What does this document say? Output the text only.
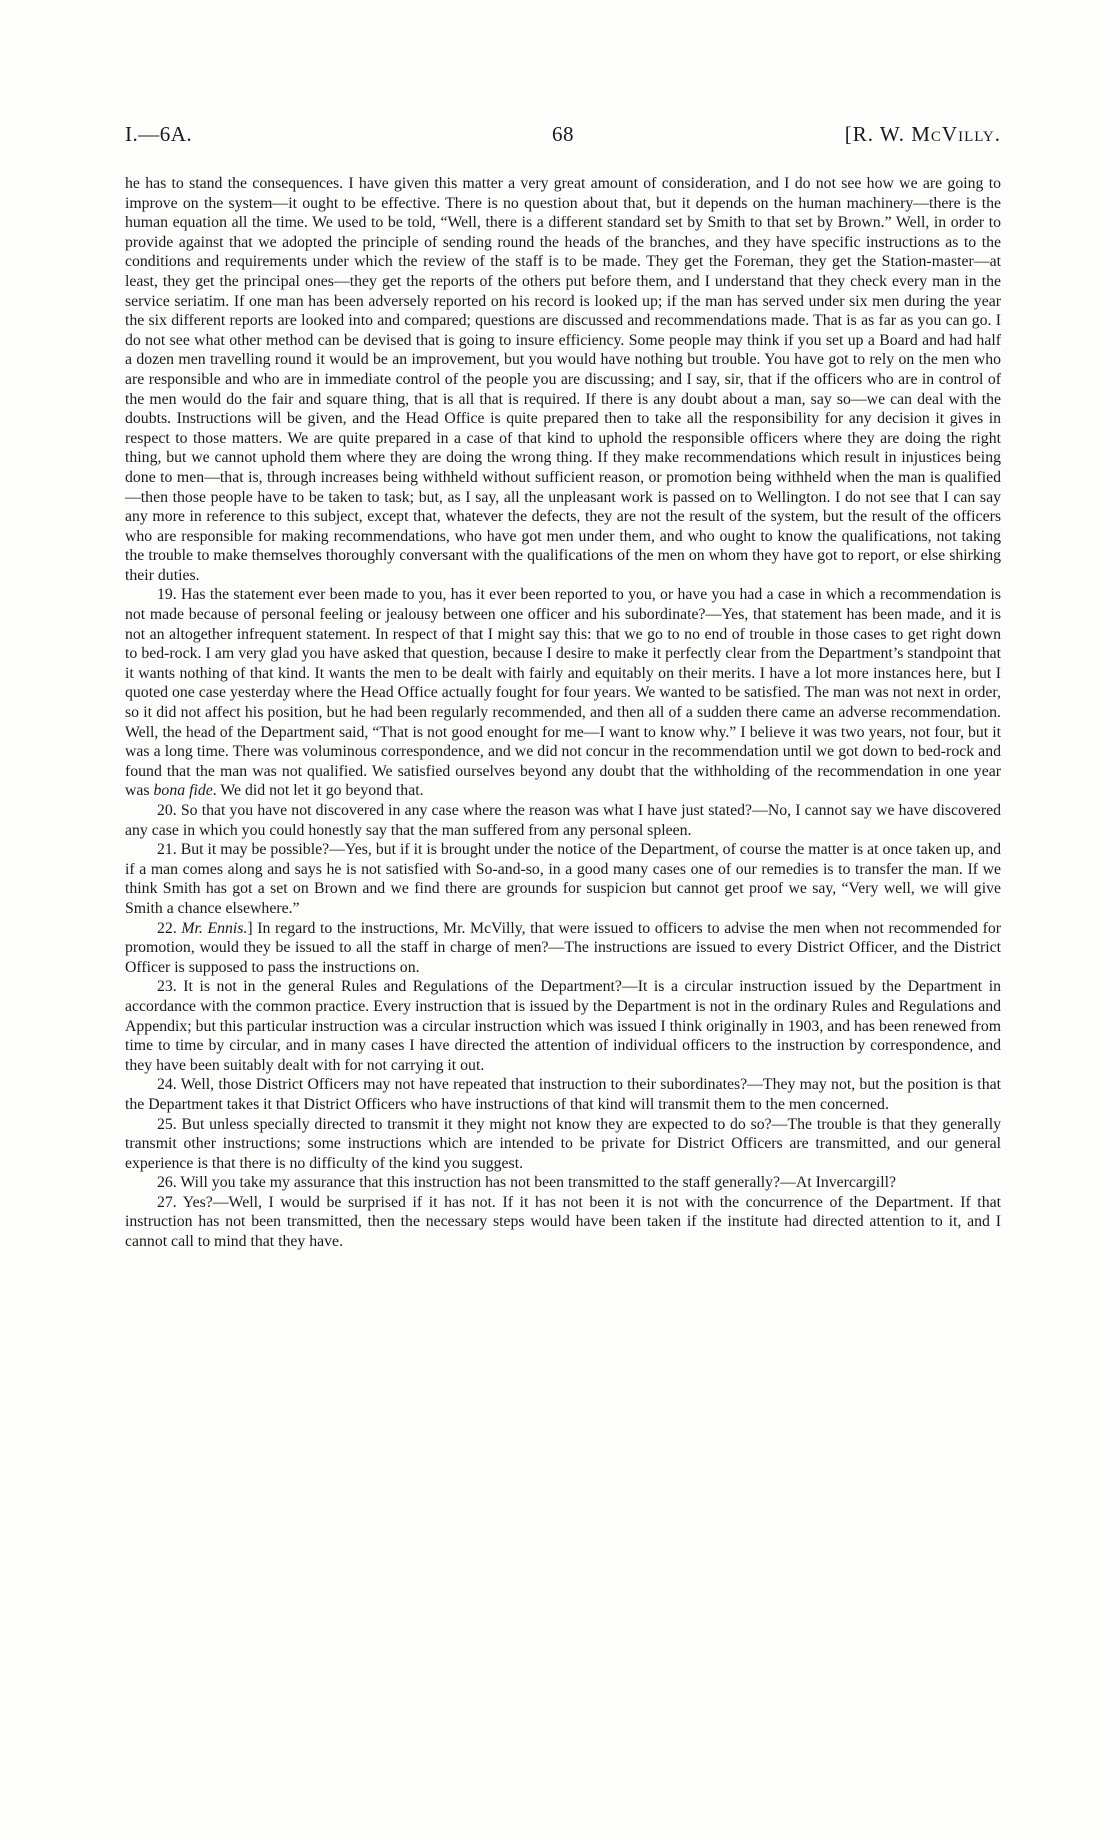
I.—6A.	68	[R. W. McVilly.

he has to stand the consequences. I have given this matter a very great amount of consideration, and I do not see how we are going to improve on the system—it ought to be effective. There is no question about that, but it depends on the human machinery—there is the human equation all the time. We used to be told, “Well, there is a different standard set by Smith to that set by Brown.” Well, in order to provide against that we adopted the principle of sending round the heads of the branches, and they have specific instructions as to the conditions and requirements under which the review of the staff is to be made. They get the Foreman, they get the Station-master—at least, they get the principal ones—they get the reports of the others put before them, and I understand that they check every man in the service seriatim. If one man has been adversely reported on his record is looked up; if the man has served under six men during the year the six different reports are looked into and compared; questions are discussed and recommendations made. That is as far as you can go. I do not see what other method can be devised that is going to insure efficiency. Some people may think if you set up a Board and had half a dozen men travelling round it would be an improvement, but you would have nothing but trouble. You have got to rely on the men who are responsible and who are in immediate control of the people you are discussing; and I say, sir, that if the officers who are in control of the men would do the fair and square thing, that is all that is required. If there is any doubt about a man, say so—we can deal with the doubts. Instructions will be given, and the Head Office is quite prepared then to take all the responsibility for any decision it gives in respect to those matters. We are quite prepared in a case of that kind to uphold the responsible officers where they are doing the right thing, but we cannot uphold them where they are doing the wrong thing. If they make recommendations which result in injustices being done to men—that is, through increases being withheld without sufficient reason, or promotion being withheld when the man is qualified—then those people have to be taken to task; but, as I say, all the unpleasant work is passed on to Wellington. I do not see that I can say any more in reference to this subject, except that, whatever the defects, they are not the result of the system, but the result of the officers who are responsible for making recommendations, who have got men under them, and who ought to know the qualifications, not taking the trouble to make themselves thoroughly conversant with the qualifications of the men on whom they have got to report, or else shirking their duties.

19. Has the statement ever been made to you, has it ever been reported to you, or have you had a case in which a recommendation is not made because of personal feeling or jealousy between one officer and his subordinate?—Yes, that statement has been made, and it is not an altogether infrequent statement. In respect of that I might say this: that we go to no end of trouble in those cases to get right down to bed-rock. I am very glad you have asked that question, because I desire to make it perfectly clear from the Department’s standpoint that it wants nothing of that kind. It wants the men to be dealt with fairly and equitably on their merits. I have a lot more instances here, but I quoted one case yesterday where the Head Office actually fought for four years. We wanted to be satisfied. The man was not next in order, so it did not affect his position, but he had been regularly recommended, and then all of a sudden there came an adverse recommendation. Well, the head of the Department said, “That is not good enought for me—I want to know why.” I believe it was two years, not four, but it was a long time. There was voluminous correspondence, and we did not concur in the recommendation until we got down to bed-rock and found that the man was not qualified. We satisfied ourselves beyond any doubt that the withholding of the recommendation in one year was bona fide. We did not let it go beyond that.

20. So that you have not discovered in any case where the reason was what I have just stated?—No, I cannot say we have discovered any case in which you could honestly say that the man suffered from any personal spleen.

21. But it may be possible?—Yes, but if it is brought under the notice of the Department, of course the matter is at once taken up, and if a man comes along and says he is not satisfied with So-and-so, in a good many cases one of our remedies is to transfer the man. If we think Smith has got a set on Brown and we find there are grounds for suspicion but cannot get proof we say, “Very well, we will give Smith a chance elsewhere.”

22. Mr. Ennis.] In regard to the instructions, Mr. McVilly, that were issued to officers to advise the men when not recommended for promotion, would they be issued to all the staff in charge of men?—The instructions are issued to every District Officer, and the District Officer is supposed to pass the instructions on.

23. It is not in the general Rules and Regulations of the Department?—It is a circular instruction issued by the Department in accordance with the common practice. Every instruction that is issued by the Department is not in the ordinary Rules and Regulations and Appendix; but this particular instruction was a circular instruction which was issued I think originally in 1903, and has been renewed from time to time by circular, and in many cases I have directed the attention of individual officers to the instruction by correspondence, and they have been suitably dealt with for not carrying it out.

24. Well, those District Officers may not have repeated that instruction to their subordinates?—They may not, but the position is that the Department takes it that District Officers who have instructions of that kind will transmit them to the men concerned.

25. But unless specially directed to transmit it they might not know they are expected to do so?—The trouble is that they generally transmit other instructions; some instructions which are intended to be private for District Officers are transmitted, and our general experience is that there is no difficulty of the kind you suggest.

26. Will you take my assurance that this instruction has not been transmitted to the staff generally?—At Invercargill?

27. Yes?—Well, I would be surprised if it has not. If it has not been it is not with the concurrence of the Department. If that instruction has not been transmitted, then the necessary steps would have been taken if the institute had directed attention to it, and I cannot call to mind that they have.
